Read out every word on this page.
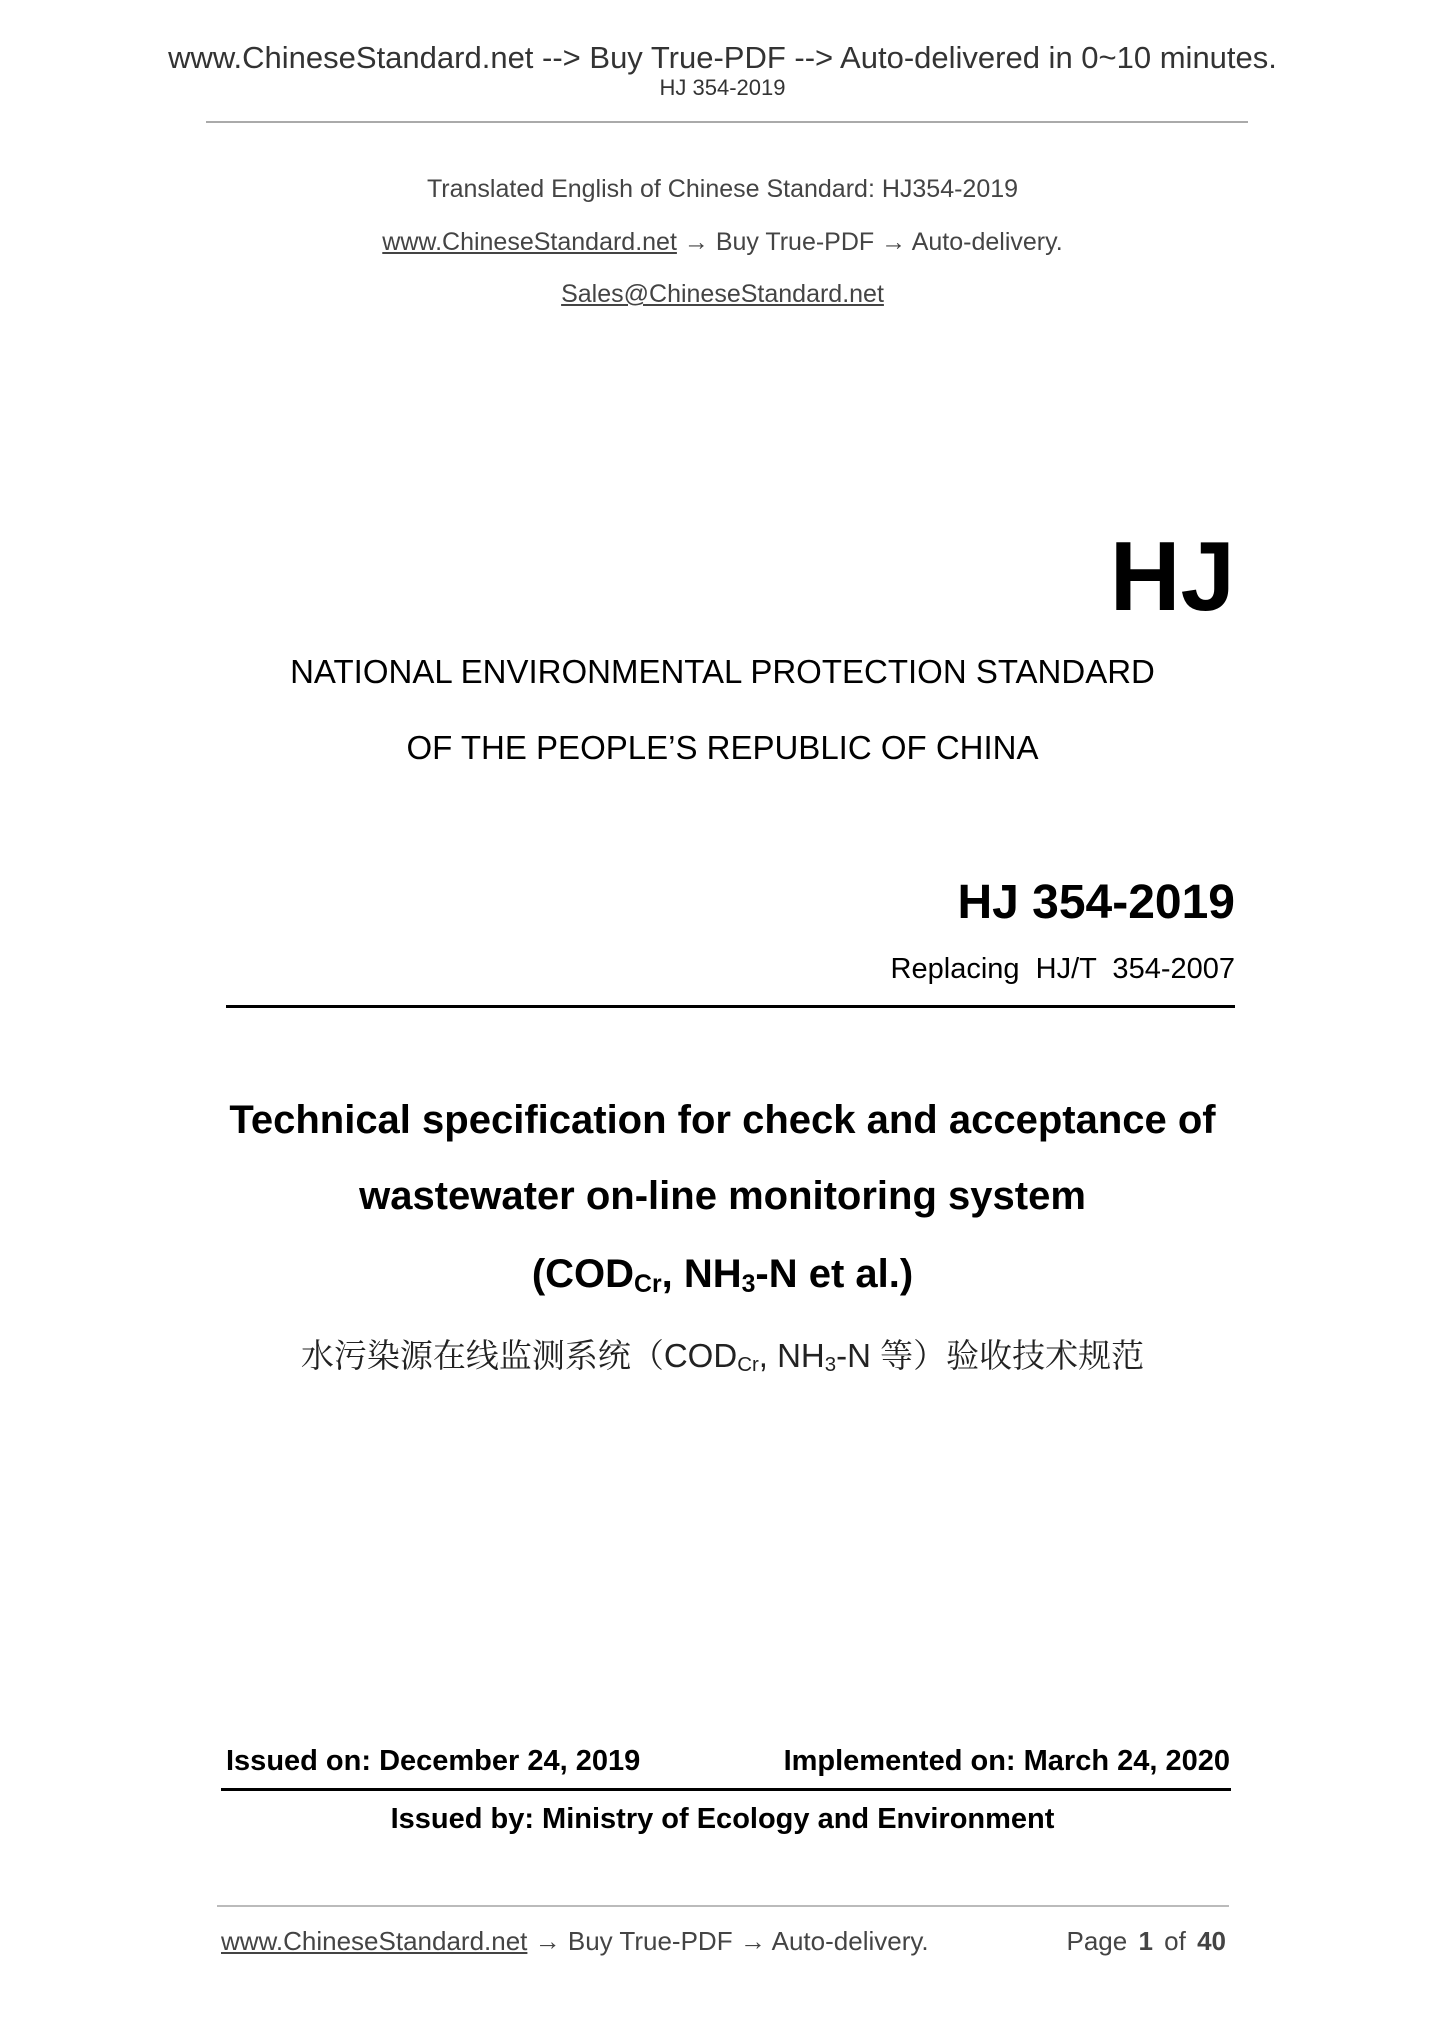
www.ChineseStandard.net --> Buy True-PDF --> Auto-delivered in 0~10 minutes.
HJ 354-2019
Translated English of Chinese Standard: HJ354-2019
www.ChineseStandard.net → Buy True-PDF → Auto-delivery.
Sales@ChineseStandard.net
HJ
NATIONAL ENVIRONMENTAL PROTECTION STANDARD
OF THE PEOPLE’S REPUBLIC OF CHINA
HJ 354-2019
Replacing  HJ/T  354-2007
Technical specification for check and acceptance of
wastewater on-line monitoring system
($COD_{Cr}$, $NH_3-N$ et al.)
水污染源在线监测系统（$COD_{Cr}$, $NH_3-N$ 等）验收技术规范
Issued on: December 24, 2019	Implemented on: March 24, 2020
Issued by: Ministry of Ecology and Environment
www.ChineseStandard.net → Buy True-PDF → Auto-delivery.	Page 1 of 40
